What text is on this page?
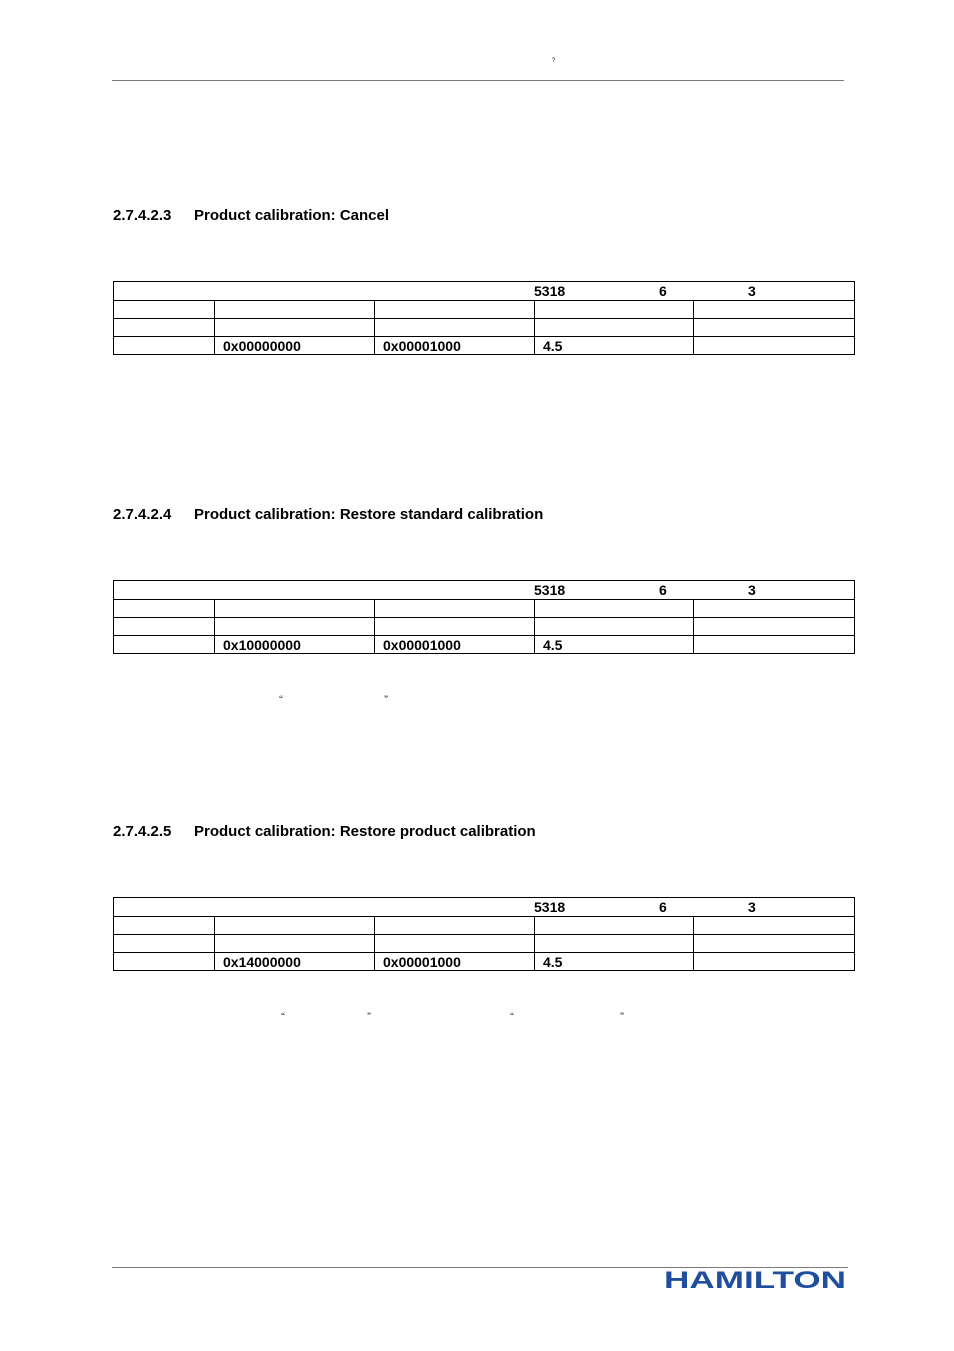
?
2.7.4.2.3 Product calibration: Cancel
5318 6 3				

	0x00000000	0x00001000	4.5	
2.7.4.2.4 Product calibration: Restore standard calibration
5318 6 3				

	0x10000000	0x00001000	4.5	
“	”
2.7.4.2.5 Product calibration: Restore product calibration
5318 6 3				

	0x14000000	0x00001000	4.5	
“	”	“	”
HAMILTON
